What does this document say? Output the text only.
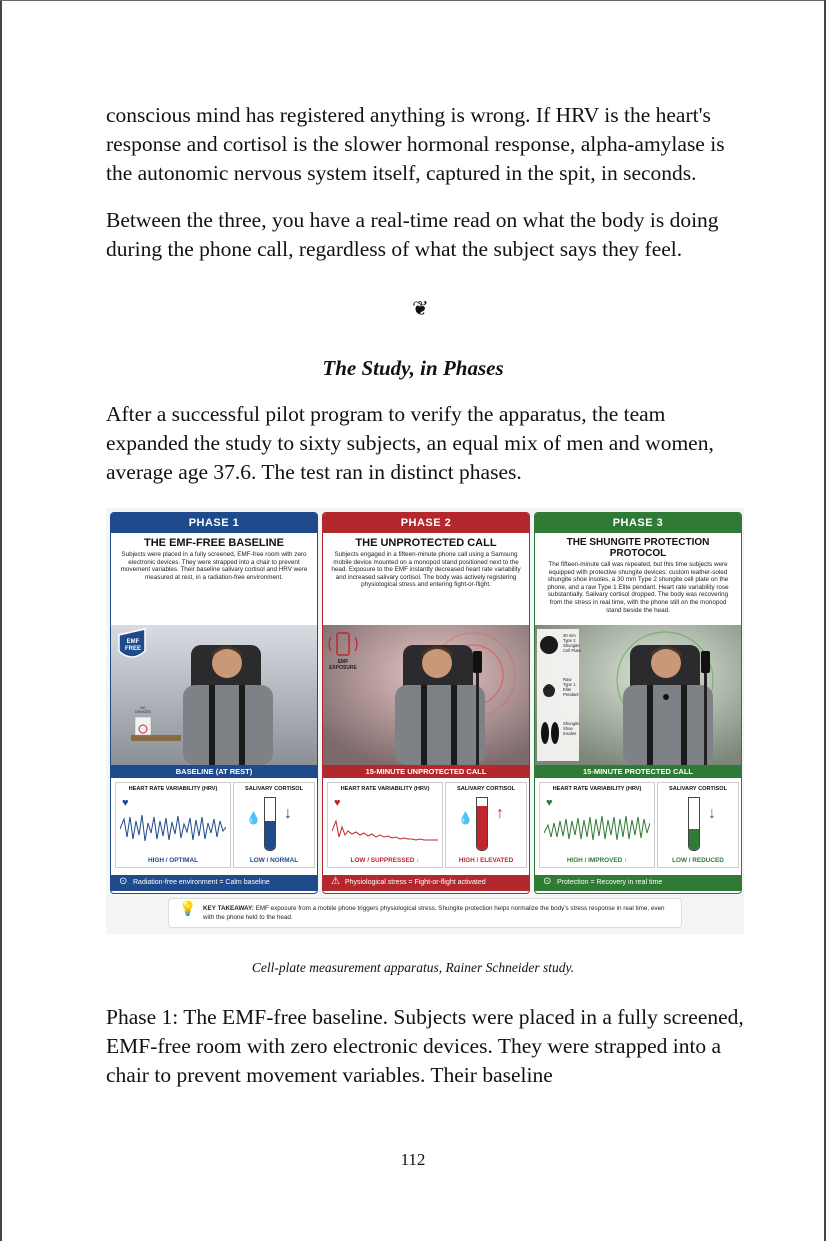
conscious mind has registered anything is wrong. If HRV is the heart's response and cortisol is the slower hormonal response, alpha-amylase is the autonomic nervous system itself, captured in the spit, in seconds.

Between the three, you have a real-time read on what the body is doing during the phone call, regardless of what the subject says they feel.

❦
The Study, in Phases

After a successful pilot program to verify the apparatus, the team expanded the study to sixty subjects, an equal mix of men and women, average age 37.6. The test ran in distinct phases.

PHASE 1
THE EMF-FREE BASELINE
Subjects were placed in a fully screened, EMF-free room with zero electronic devices. They were strapped into a chair to prevent movement variables. Their baseline salivary cortisol and HRV were measured at rest, in a radiation-free environment.
EMF FREE
NO DEVICES
BASELINE (AT REST)
HEART RATE VARIABILITY (HRV)
♥
HIGH / OPTIMAL
SALIVARY CORTISOL
💧 ↓
LOW / NORMAL
Radiation-free environment = Calm baseline
⊙
PHASE 2
THE UNPROTECTED CALL
Subjects engaged in a fifteen-minute phone call using a Samsung mobile device mounted on a monopod stand positioned next to the head. Exposure to the EMF instantly decreased heart rate variability and increased salivary cortisol. The body was actively registering physiological stress and entering fight-or-flight.
EMF EXPOSURE
15-MINUTE UNPROTECTED CALL
HEART RATE VARIABILITY (HRV)
♥
LOW / SUPPRESSED ↓
SALIVARY CORTISOL
💧 ↑
HIGH / ELEVATED
Physiological stress = Fight-or-flight activated
⚠
PHASE 3
THE SHUNGITE PROTECTION PROTOCOL
The fifteen-minute call was repeated, but this time subjects were equipped with protective shungite devices: custom leather-soled shungite shoe insoles, a 30 mm Type 2 shungite cell plate on the phone, and a raw Type 1 Elite pendant. Heart rate variability rose substantially. Salivary cortisol dropped. The body was recovering from the stress in real time, with the phone still on the monopod stand beside the head.
30 mm Type 2 Shungite Cell Plate
Raw Type 1 Elite Pendant
Shungite Shoe Insoles
15-MINUTE PROTECTED CALL
HEART RATE VARIABILITY (HRV)
♥
HIGH / IMPROVED ↑
SALIVARY CORTISOL
↓
LOW / REDUCED
Protection = Recovery in real time
⊙
💡 KEY TAKEAWAY: EMF exposure from a mobile phone triggers physiological stress. Shungite protection helps normalize the body's stress response in real time, even with the phone held to the head.

Cell-plate measurement apparatus, Rainer Schneider study.

Phase 1: The EMF-free baseline. Subjects were placed in a fully screened, EMF-free room with zero electronic devices. They were strapped into a chair to prevent movement variables. Their baseline

112
